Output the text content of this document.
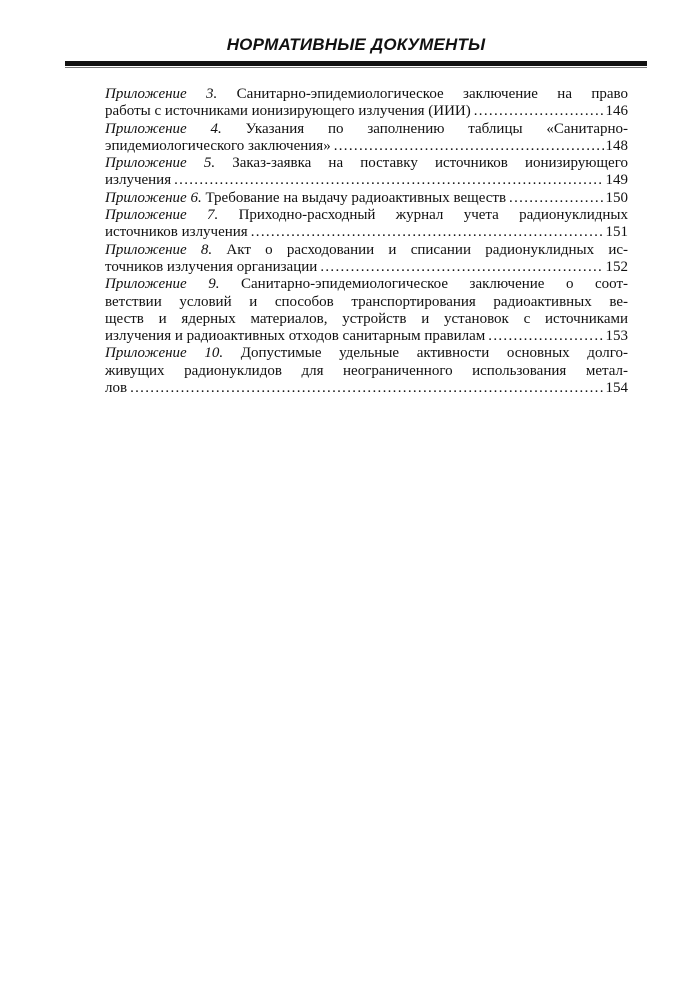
НОРМАТИВНЫЕ ДОКУМЕНТЫ
Приложение 3. Санитарно-эпидемиологическое заключение на право
работы с источниками ионизирующего излучения (ИИИ) .....	146
Приложение 4. Указания по заполнению таблицы «Санитарно-
эпидемиологического заключения» .....	148
Приложение 5. Заказ-заявка на поставку источников ионизирующего
излучения .....	149
Приложение 6. Требование на выдачу радиоактивных веществ .....	150
Приложение 7. Приходно-расходный журнал учета радионуклидных
источников излучения .....	151
Приложение 8. Акт о расходовании и списании радионуклидных ис-
точников излучения организации .....	152
Приложение 9. Санитарно-эпидемиологическое заключение о соот-
ветствии условий и способов транспортирования радиоактивных ве-
ществ и ядерных материалов, устройств и установок с источниками
излучения и радиоактивных отходов санитарным правилам .....	153
Приложение 10. Допустимые удельные активности основных долго-
живущих радионуклидов для неограниченного использования метал-
лов .....	154
